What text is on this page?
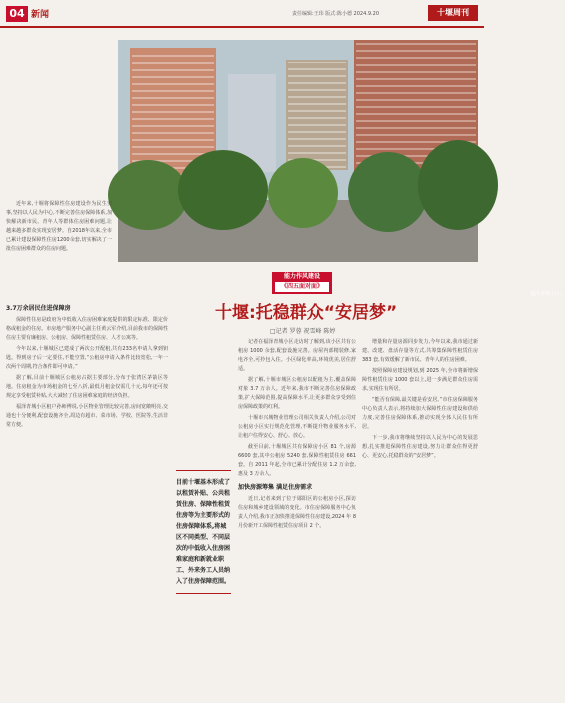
04 新闻	责任编辑:王玮 版式:陈小德 2024.9.20	十堰周刊
福泽青城小区。

近年来,十堰将保障性住房建设作为民生实事,坚持以人民为中心,不断完善住房保障体系,加快解决新市民、青年人等群体住房困难问题,让越来越多群众实现安居梦。自2018年以来,全市已累计建设保障性住房1200余套,切实解决了一批住房困难群众的住房问题。

能力作风建设
《四五面对面》
十堰:托稳群众“安居梦”
□记者 罗蓉 祝雪峰 陈婷
3.7万余居民住进保障房

保障性住房是政府为中低收入住房困难家庭提供的限定标准、限定价格或租金的住房。市房地产服务中心副主任黄云军介绍,目前我市的保障性住房主要有廉租房、公租房、保障性租赁住房、人才公寓等。

今年以来,十堰城区已建成了两次公开配租,共有233名申请人拿到钥匙。得到房子后一定要住,不能空置,“公租房申请入条件比较宽松,一年一次两个周期,符合条件即可申请。”

据了解,目前十堰城区公租房占据主要部分,分布于张湾区茅箭区等地。住房租金为市场租金的七至八折,最低月租金仅需几十元,每年还可按规定享受租赁补贴,大大减轻了住房困难家庭的经济负担。

福泽青城小区租户孙师傅说,小区物业管理比较完善,房间宽敞明亮,交通也十分便利,配套设施齐全,周边有超市、菜市场、学校、医院等,生活非常方便。

目前十堰基本形成了以租赁补贴、公共租赁住房、保障性租赁住房等为主要形式的住房保障体系,将城区不同类型、不同层次的中低收入住房困难家庭和新就业职工、外来务工人员纳入了住房保障范围。

记者在福泽青城小区走访时了解到,该小区共有公租房 1000 余套,配套设施完善。房屋内部精装修,家电齐全,可拎包入住。小区绿化率高,环境优美,居住舒适。

据了解,十堰市城区公租房以配租为主,覆盖保障对象 3.7 万余人。近年来,我市不断完善住房保障政策,扩大保障范围,提高保障水平,让更多群众享受到住房保障政策的红利。

十堰市兴城物业管理公司相关负责人介绍,公司对公租房小区实行规范化管理,不断提升物业服务水平,让租户住得安心、舒心、放心。

截至目前,十堰城区共有保障房小区 81 个,房源 6600 套,其中公租房 5240 套,保障性租赁住房 661 套。自 2011 年起,全市已累计分配住房 1.2 万余套,惠及 3 万余人。

加快房源筹集 满足住房需求

近日,记者来到了位于郧阳区的公租房小区,探访住房和城乡建设领域的变化。市住房保障服务中心负责人介绍,我市正加快推进保障性住房建设,2024 年 8 月份新开工保障性租赁住房项目 2 个。

增量和存量房源同步发力,今年以来,我市通过新建、改建、盘活存量等方式,共筹集保障性租赁住房 383 套,有效缓解了新市民、青年人的住房困难。

按照保障房建设规划,到 2025 年,全市将新增保障性租赁住房 1000 套以上,进一步满足群众住房需求,实现住有所居。

“能否有保障,最关键是看安居。”市住房保障服务中心负责人表示,将持续加大保障性住房建设和供给力度,完善住房保障体系,推动实现全体人民住有所居。

下一步,我市将继续坚持以人民为中心的发展思想,扎实推进保障性住房建设,努力让群众住得更舒心、更安心,托稳群众的“安居梦”。
